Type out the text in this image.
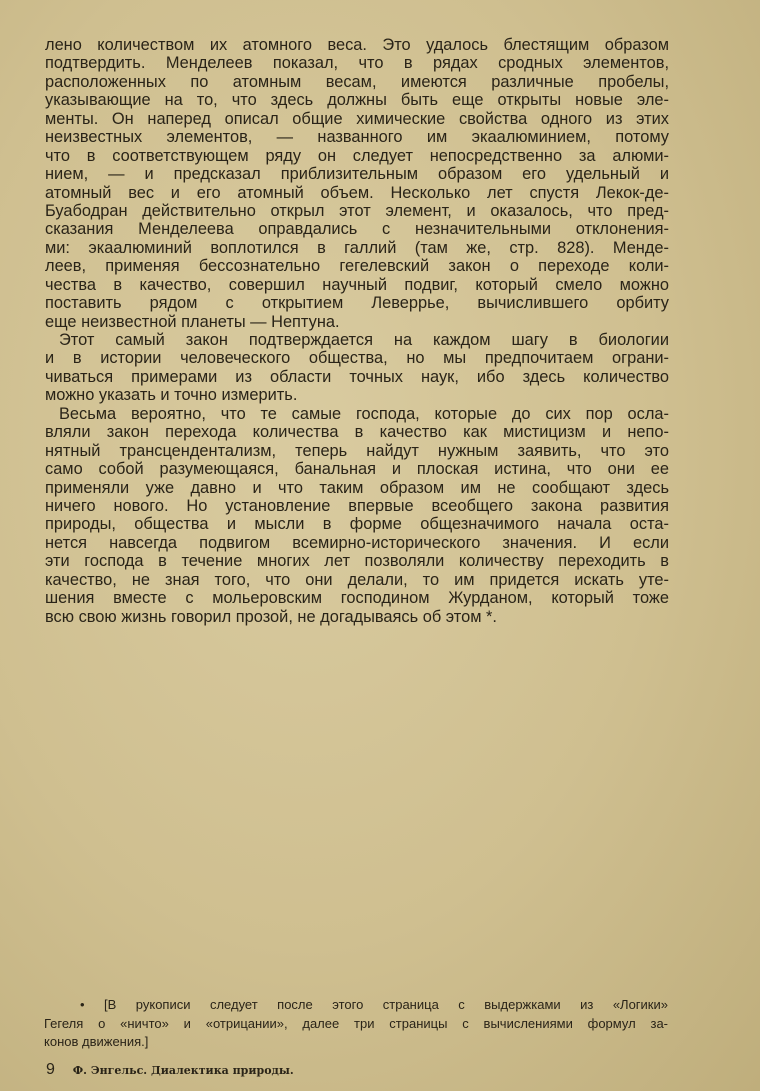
лено количеством их атомного веса. Это удалось блестящим образом
подтвердить. Менделеев показал, что в рядах сродных элементов,
расположенных по атомным весам, имеются различные пробелы,
указывающие на то, что здесь должны быть еще открыты новые эле-
менты. Он наперед описал общие химические свойства одного из этих
неизвестных элементов, — названного им экаалюминием, потому
что в соответствующем ряду он следует непосредственно за алюми-
нием, — и предсказал приблизительным образом его удельный и
атомный вес и его атомный объем. Несколько лет спустя Лекок-де-
Буабодран действительно открыл этот элемент, и оказалось, что пред-
сказания Менделеева оправдались с незначительными отклонения-
ми: экаалюминий воплотился в галлий (там же, стр. 828). Менде-
леев, применяя бессознательно гегелевский закон о переходе коли-
чества в качество, совершил научный подвиг, который смело можно
поставить рядом с открытием Леверрье, вычислившего орбиту
еще неизвестной планеты — Нептуна.
Этот самый закон подтверждается на каждом шагу в биологии
и в истории человеческого общества, но мы предпочитаем ограни-
чиваться примерами из области точных наук, ибо здесь количество
можно указать и точно измерить.
Весьма вероятно, что те самые господа, которые до сих пор осла-
вляли закон перехода количества в качество как мистицизм и непо-
нятный трансцендентализм, теперь найдут нужным заявить, что это
само собой разумеющаяся, банальная и плоская истина, что они ее
применяли уже давно и что таким образом им не сообщают здесь
ничего нового. Но установление впервые всеобщего закона развития
природы, общества и мысли в форме общезначимого начала оста-
нется навсегда подвигом всемирно-исторического значения. И если
эти господа в течение многих лет позволяли количеству переходить в
качество, не зная того, что они делали, то им придется искать уте-
шения вместе с мольеровским господином Журданом, который тоже
всю свою жизнь говорил прозой, не догадываясь об этом *.
• [В рукописи следует после этого страница с выдержками из «Логики»
Гегеля о «ничто» и «отрицании», далее три страницы с вычислениями формул за-
конов движения.]
9 Ф. Энгельс. Диалектика природы.
